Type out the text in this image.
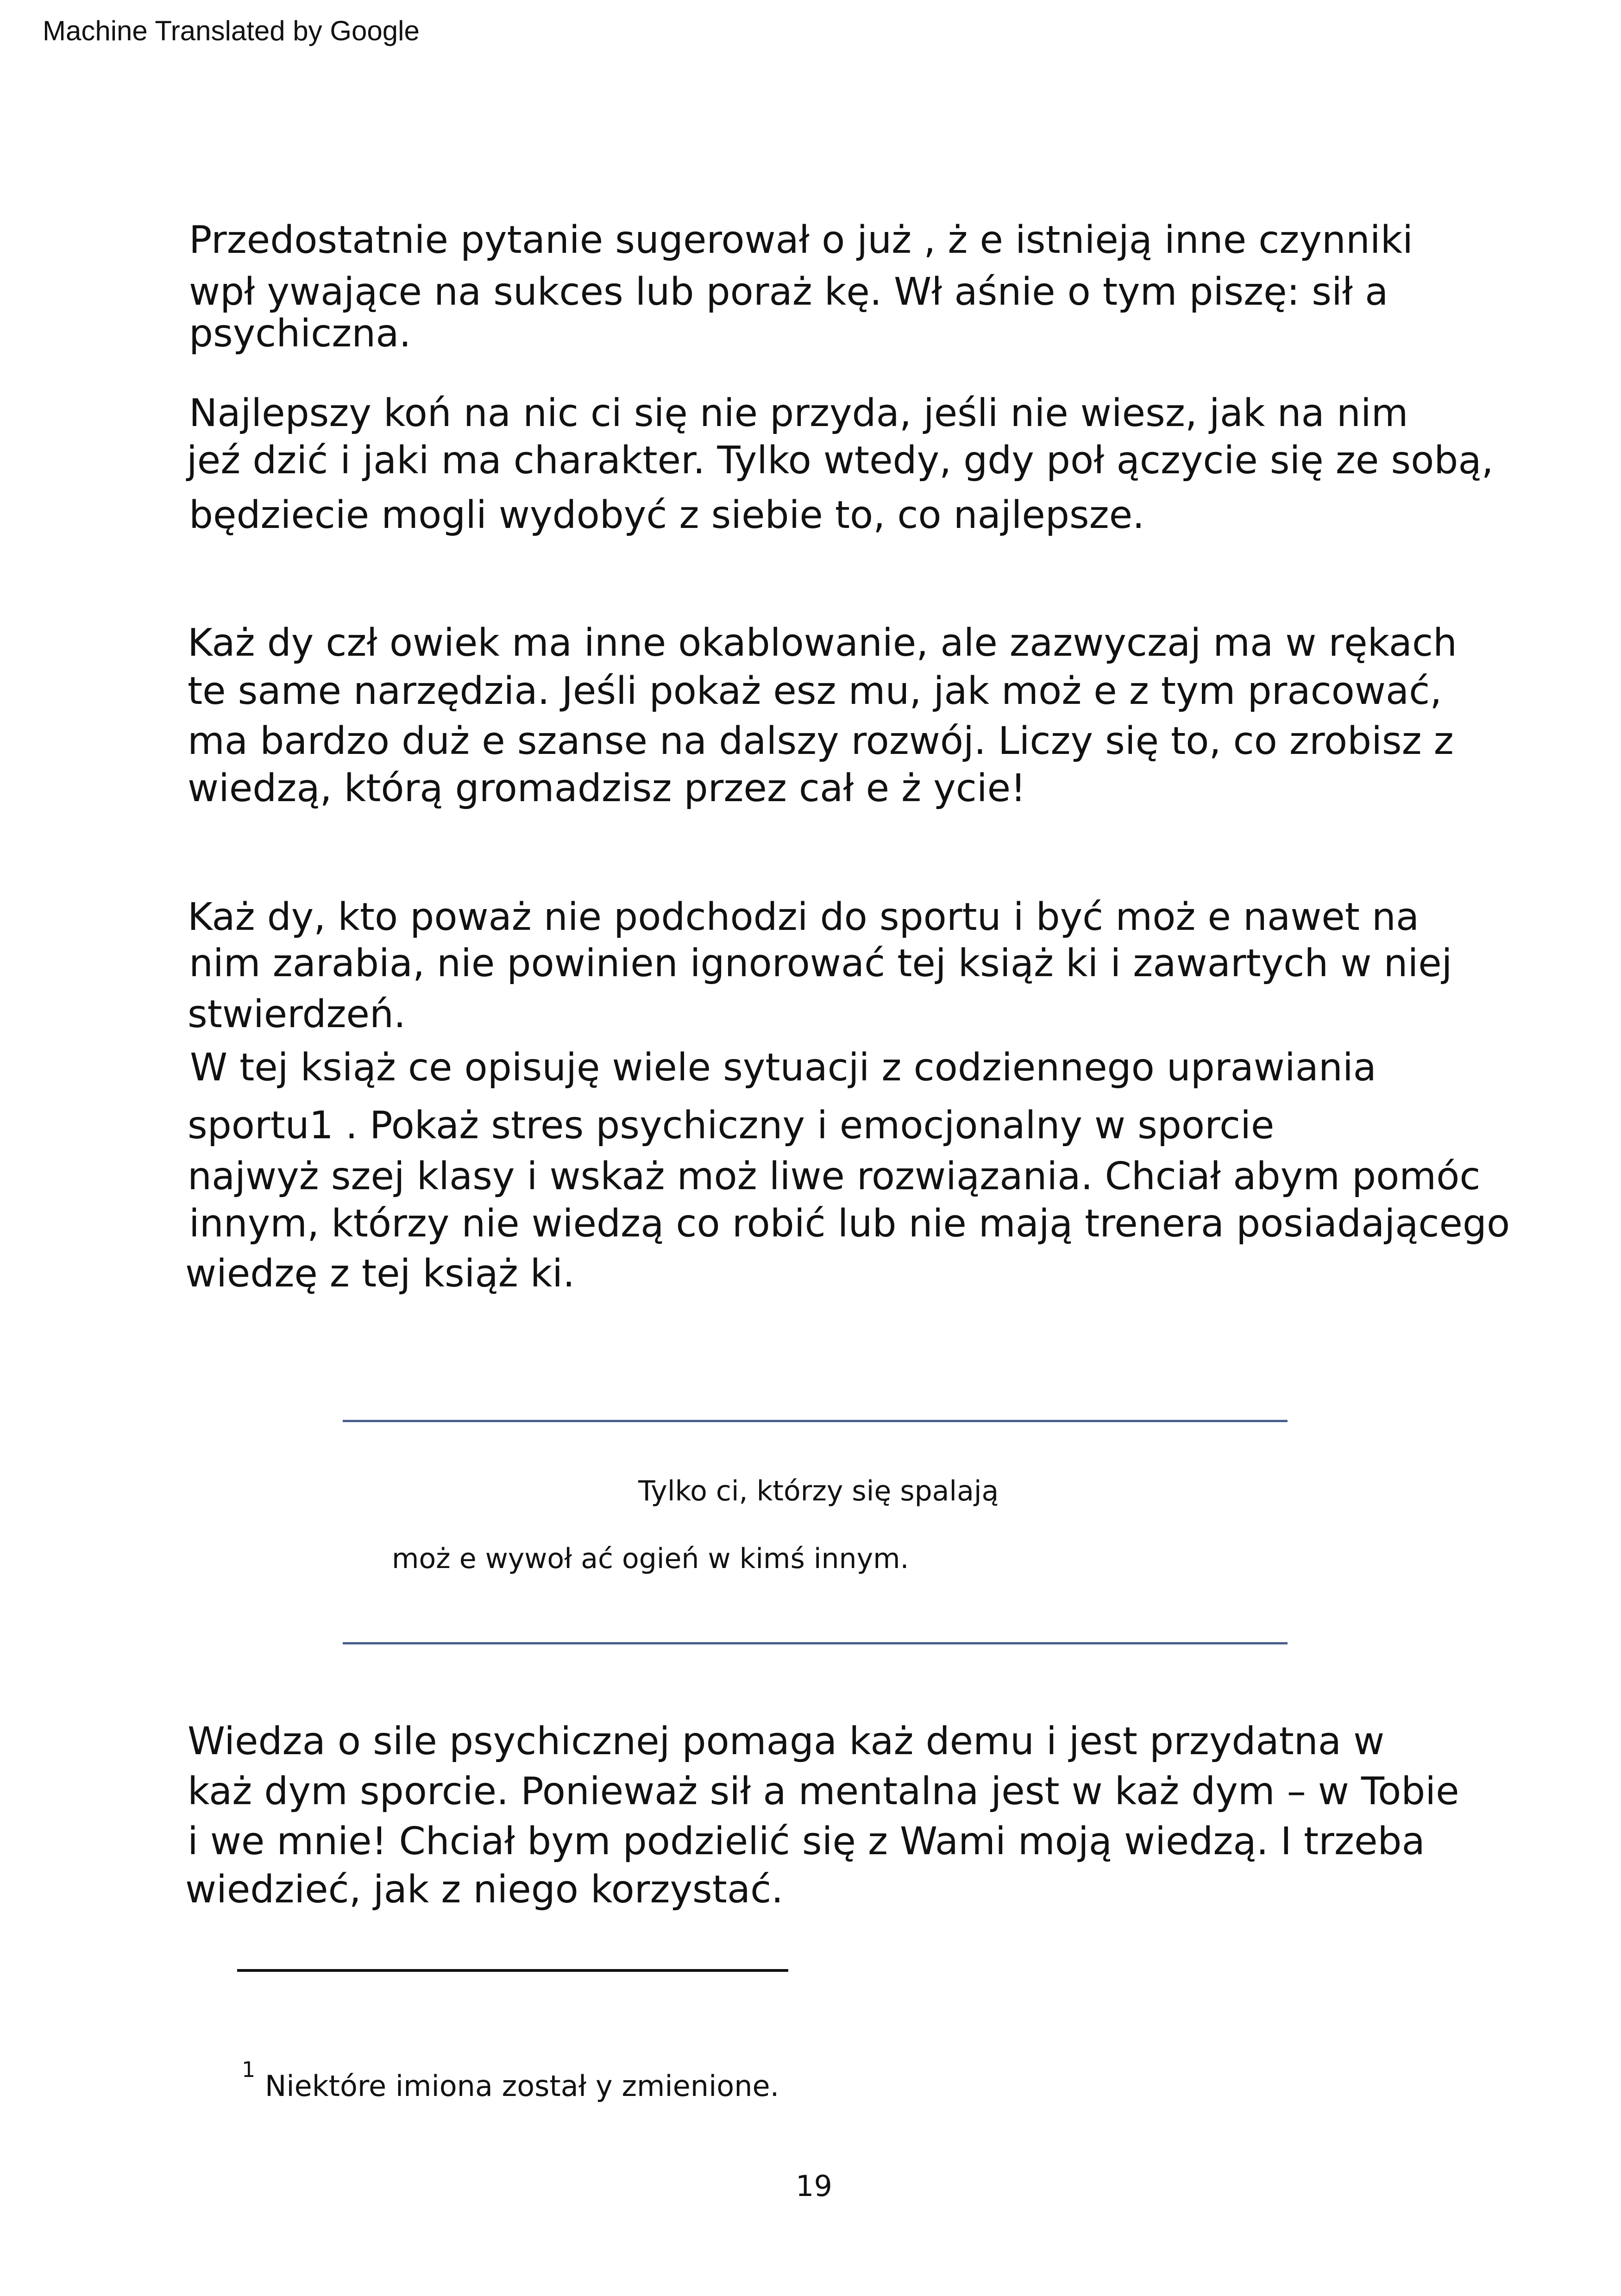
Machine Translated by Google
Przedostatnie pytanie sugerował o już , ż e istnieją inne czynniki
wpł ywające na sukces lub poraż kę. Wł aśnie o tym piszę: sił a
psychiczna.
Najlepszy koń na nic ci się nie przyda, jeśli nie wiesz, jak na nim
jeź dzić i jaki ma charakter. Tylko wtedy, gdy poł ączycie się ze sobą,
będziecie mogli wydobyć z siebie to, co najlepsze.
Każ dy czł owiek ma inne okablowanie, ale zazwyczaj ma w rękach
te same narzędzia. Jeśli pokaż esz mu, jak moż e z tym pracować,
ma bardzo duż e szanse na dalszy rozwój. Liczy się to, co zrobisz z
wiedzą, którą gromadzisz przez cał e ż ycie!
Każ dy, kto poważ nie podchodzi do sportu i być moż e nawet na
nim zarabia, nie powinien ignorować tej książ ki i zawartych w niej
stwierdzeń.
W tej książ ce opisuję wiele sytuacji z codziennego uprawiania
sportu1 . Pokaż stres psychiczny i emocjonalny w sporcie
najwyż szej klasy i wskaż moż liwe rozwiązania. Chciał abym pomóc
innym, którzy nie wiedzą co robić lub nie mają trenera posiadającego
wiedzę z tej książ ki.
Tylko ci, którzy się spalają
moż e wywoł ać ogień w kimś innym.
Wiedza o sile psychicznej pomaga każ demu i jest przydatna w
każ dym sporcie. Ponieważ sił a mentalna jest w każ dym – w Tobie
i we mnie! Chciał bym podzielić się z Wami moją wiedzą. I trzeba
wiedzieć, jak z niego korzystać.
1 Niektóre imiona został y zmienione.
19
